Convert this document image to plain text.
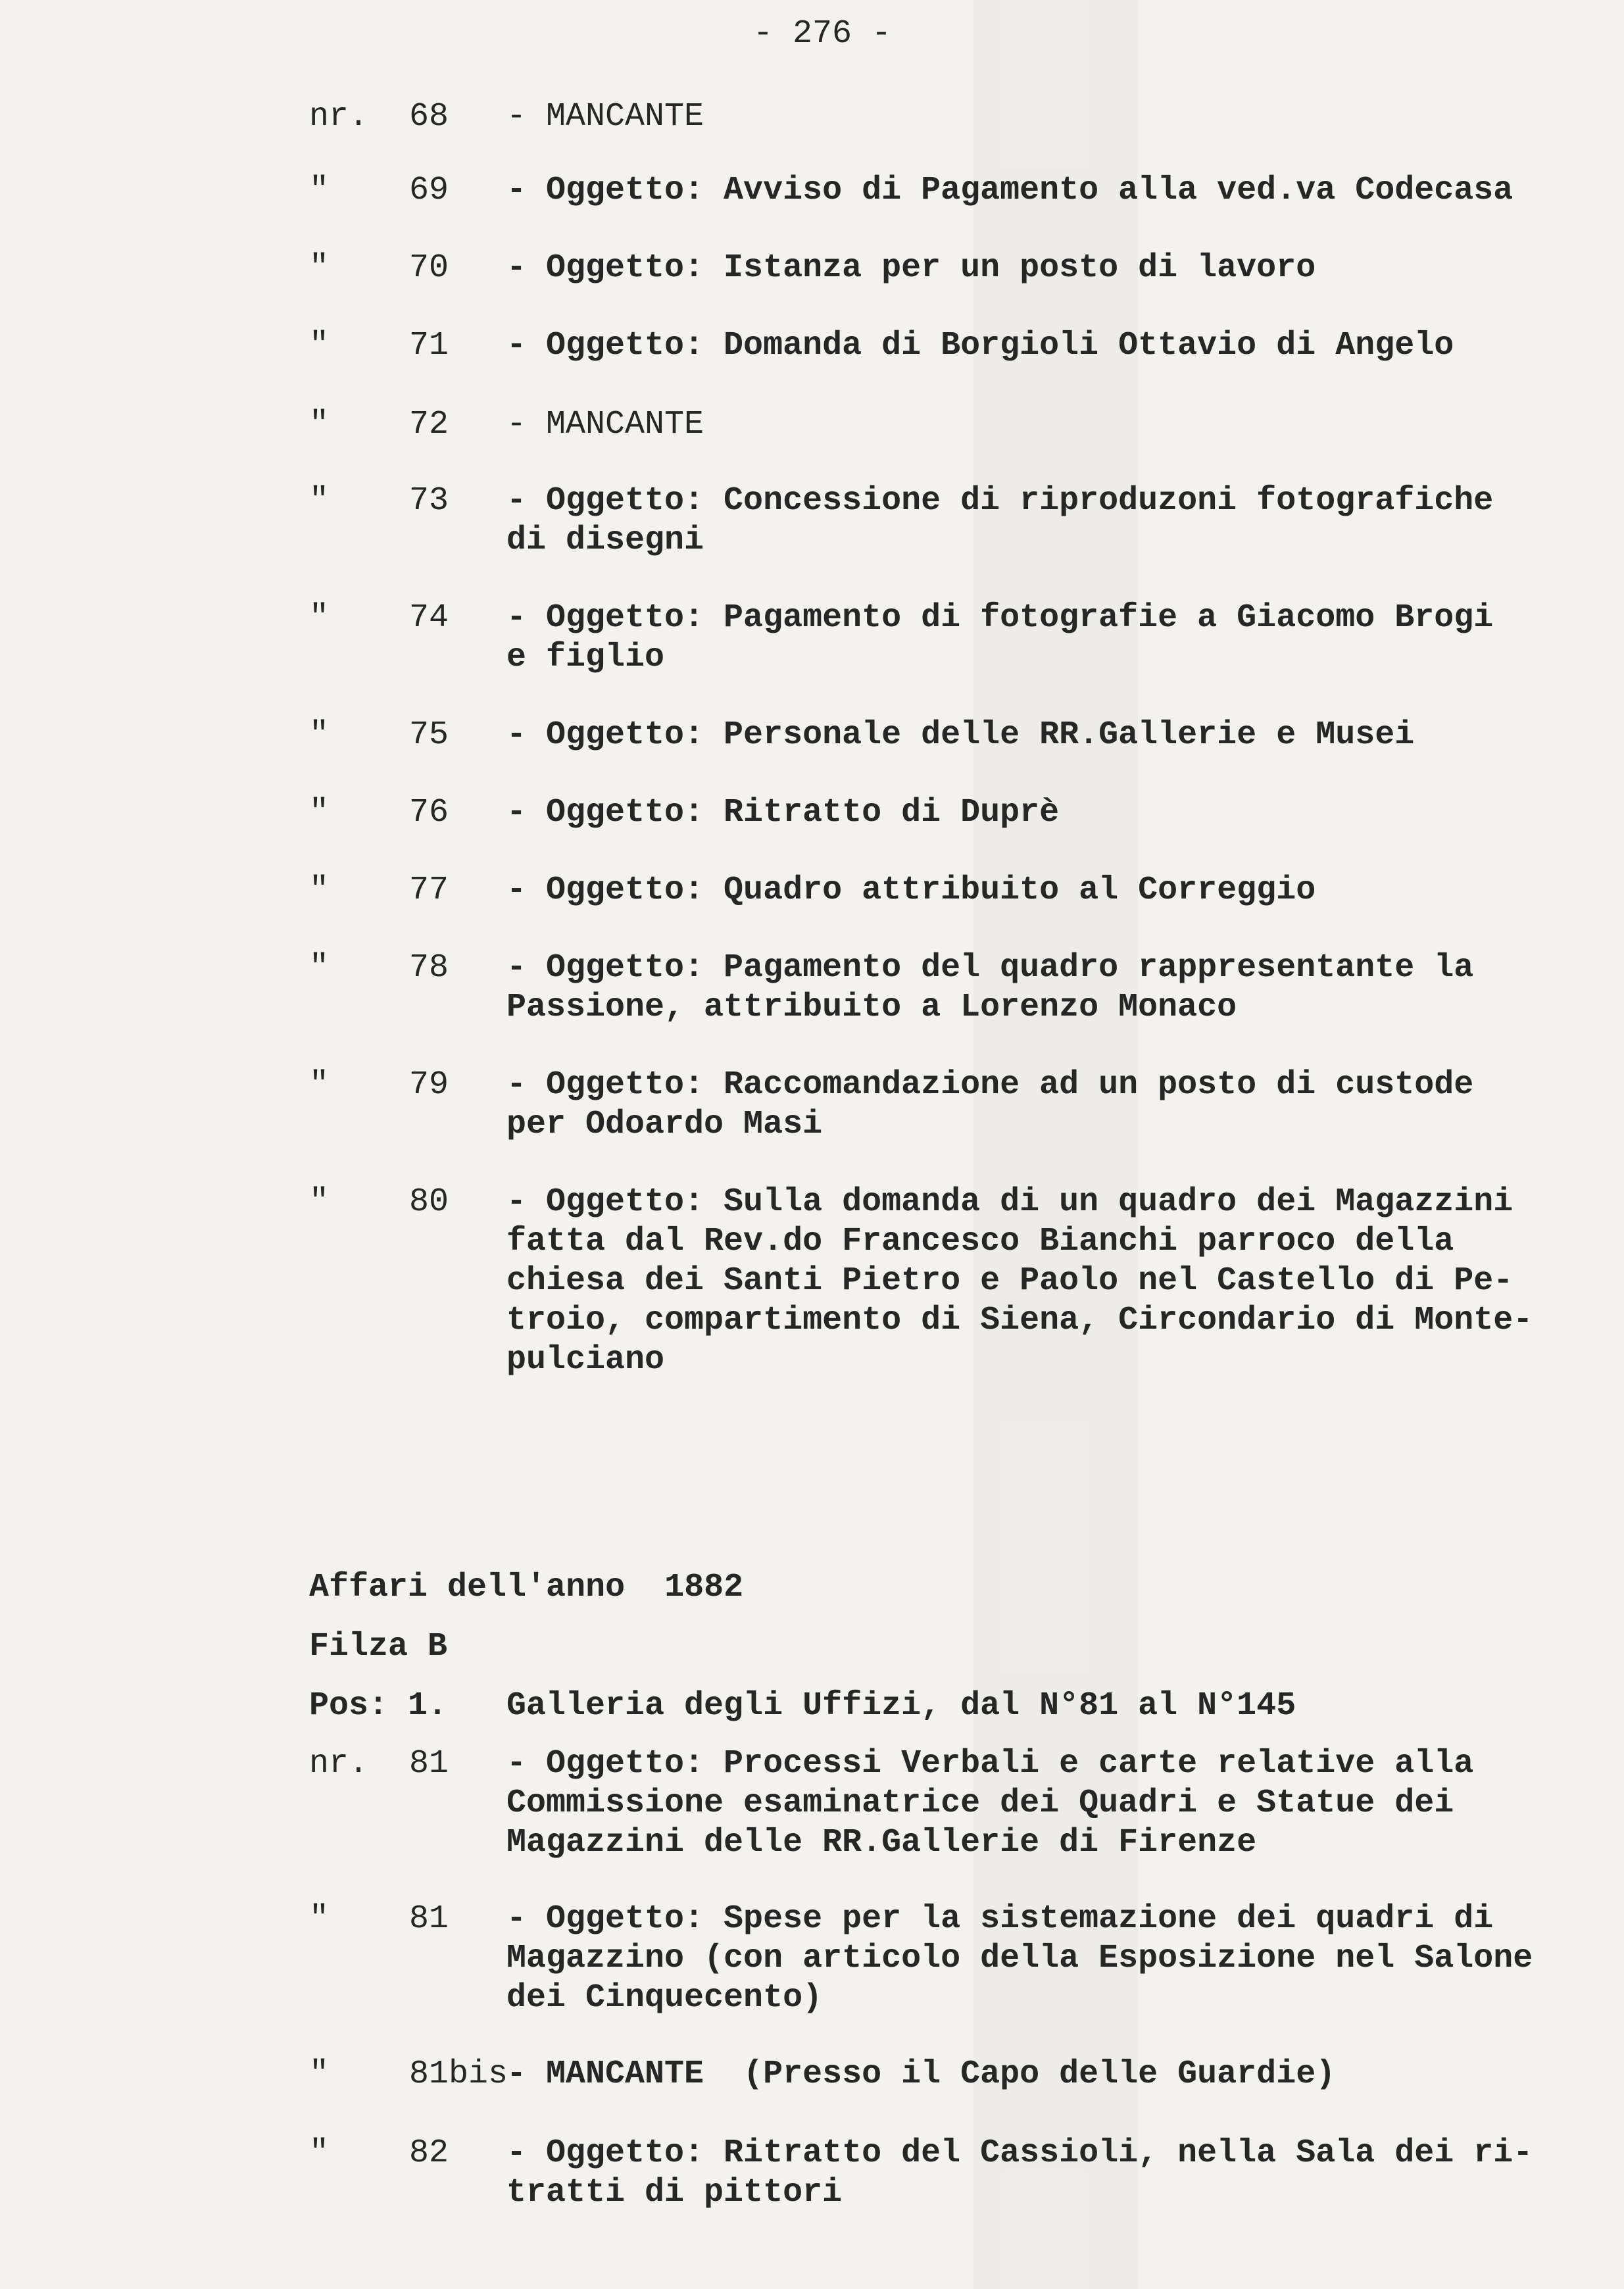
- 276 -
nr. 68 - MANCANTE
" 69 - Oggetto: Avviso di Pagamento alla ved.va Codecasa
" 70 - Oggetto: Istanza per un posto di lavoro
" 71 - Oggetto: Domanda di Borgioli Ottavio di Angelo
" 72 - MANCANTE
" 73 - Oggetto: Concessione di riproduzoni fotografiche
di disegni
" 74 - Oggetto: Pagamento di fotografie a Giacomo Brogi
e figlio
" 75 - Oggetto: Personale delle RR.Gallerie e Musei
" 76 - Oggetto: Ritratto di Duprè
" 77 - Oggetto: Quadro attribuito al Correggio
" 78 - Oggetto: Pagamento del quadro rappresentante la
Passione, attribuito a Lorenzo Monaco
" 79 - Oggetto: Raccomandazione ad un posto di custode
per Odoardo Masi
" 80 - Oggetto: Sulla domanda di un quadro dei Magazzini
fatta dal Rev.do Francesco Bianchi parroco della
chiesa dei Santi Pietro e Paolo nel Castello di Pe-
troio, compartimento di Siena, Circondario di Monte-
pulciano
Affari dell'anno  1882
Filza B
Pos: 1. Galleria degli Uffizi, dal N°81 al N°145
nr. 81 - Oggetto: Processi Verbali e carte relative alla
Commissione esaminatrice dei Quadri e Statue dei
Magazzini delle RR.Gallerie di Firenze
" 81 - Oggetto: Spese per la sistemazione dei quadri di
Magazzino (con articolo della Esposizione nel Salone
dei Cinquecento)
" 81bis
- MANCANTE  (Presso il Capo delle Guardie)
" 82 - Oggetto: Ritratto del Cassioli, nella Sala dei ri-
tratti di pittori
